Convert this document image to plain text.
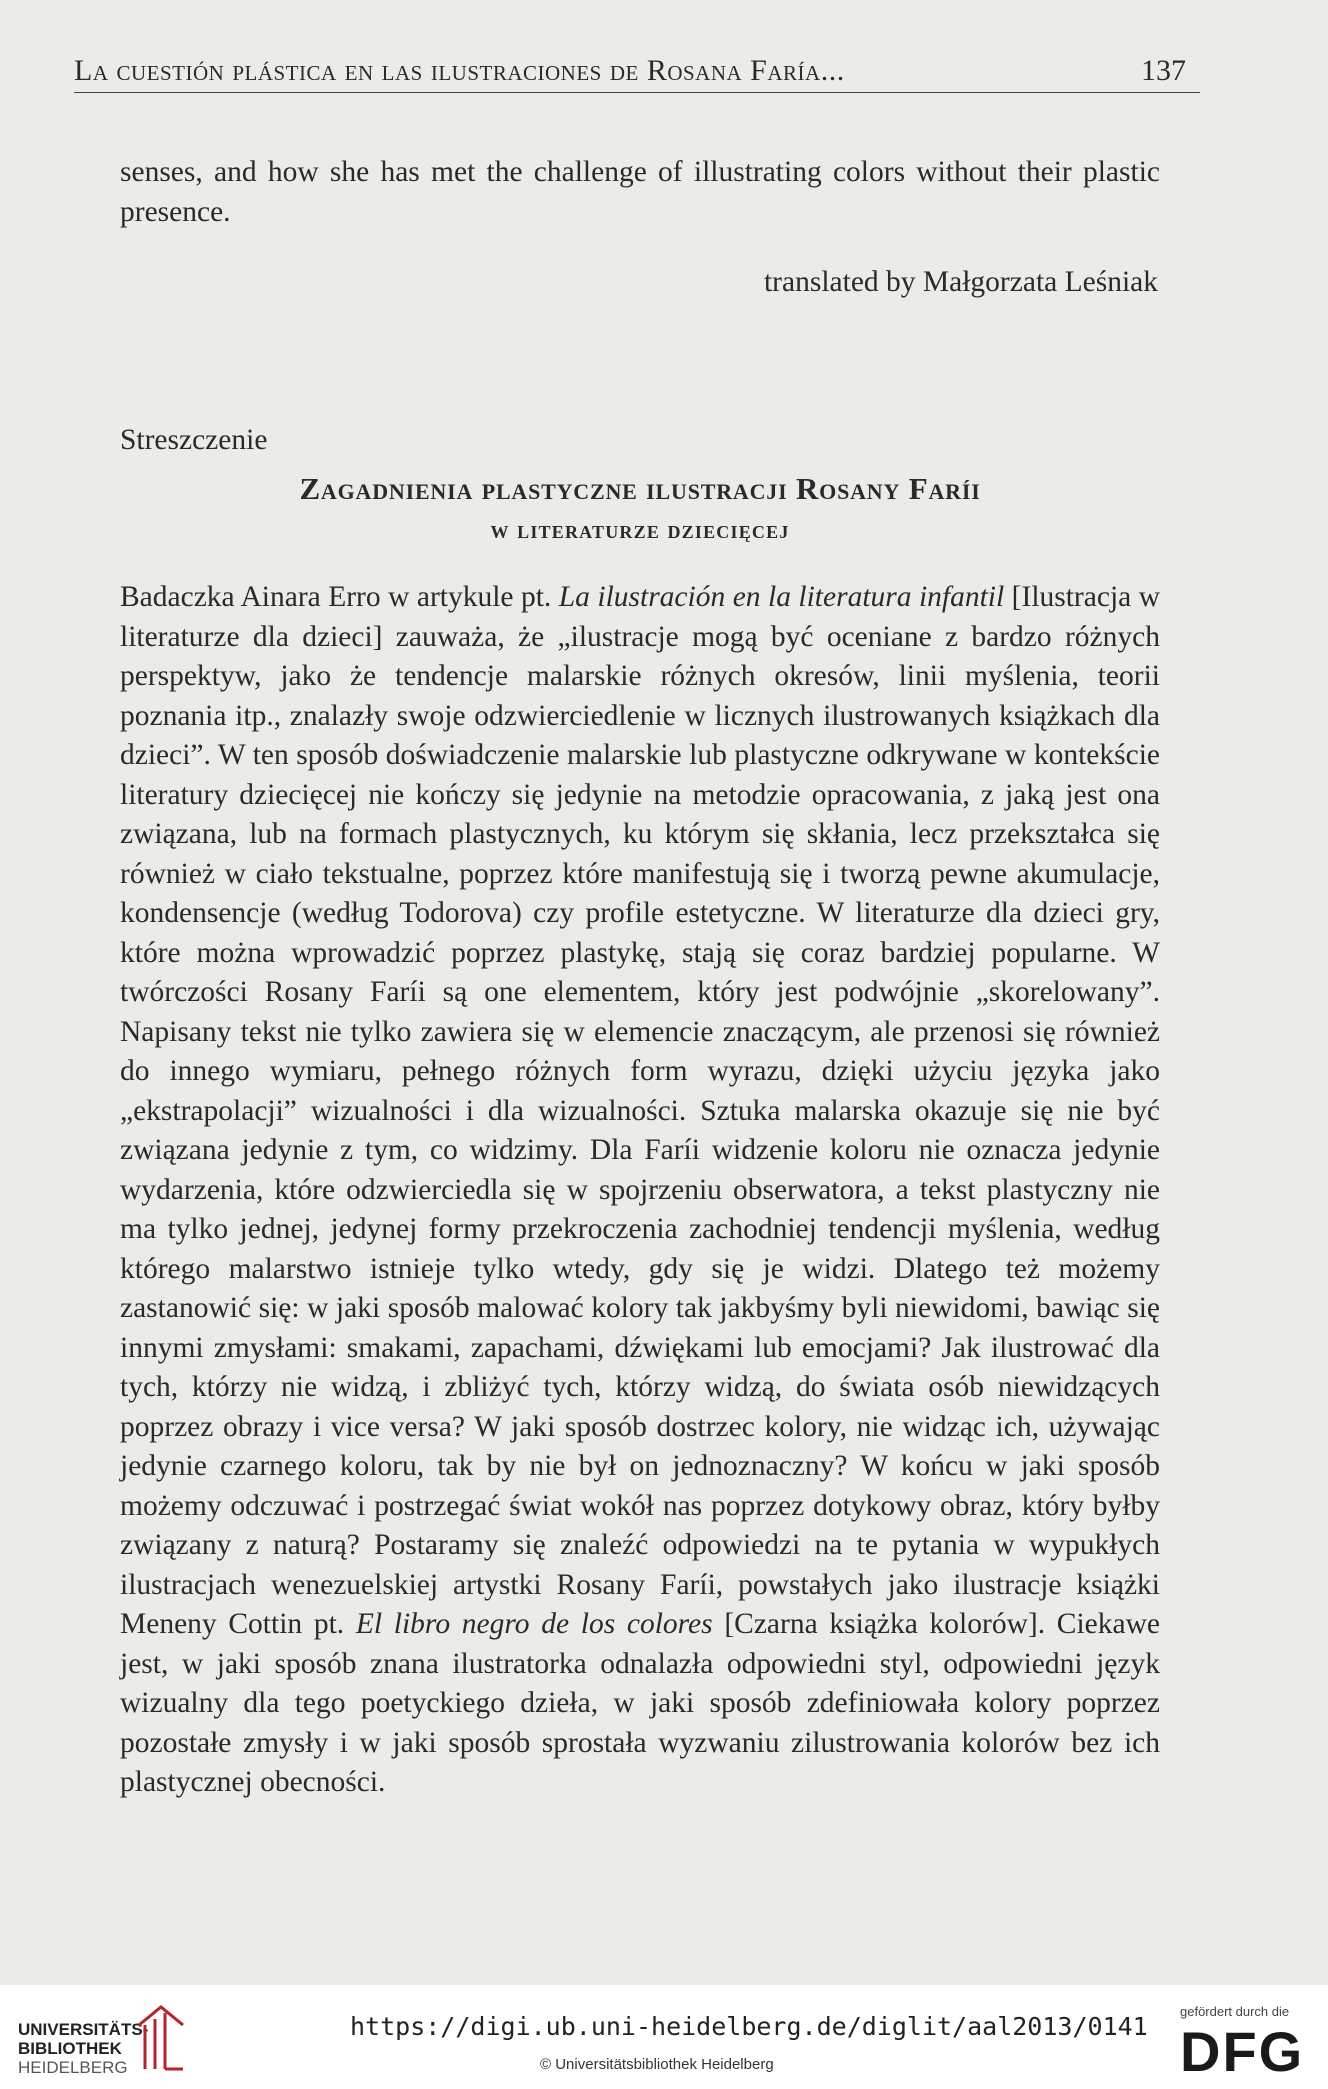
La cuestión plástica en las ilustraciones de Rosana Faría...	137

senses, and how she has met the challenge of illustrating colors without their plastic presence.

translated by Małgorzata Leśniak
Streszczenie
Zagadnienia plastyczne ilustracji Rosany Faríi
w literaturze dziecięcej

Badaczka Ainara Erro w artykule pt. La ilustración en la literatura infantil [Ilustracja w literaturze dla dzieci] zauważa, że „ilustracje mogą być oceniane z bardzo różnych perspektyw, jako że tendencje malarskie różnych okresów, linii myślenia, teorii poznania itp., znalazły swoje odzwierciedlenie w licznych ilustrowanych książkach dla dzieci”. W ten sposób doświadczenie malarskie lub plastyczne odkrywane w kontekście literatury dziecięcej nie kończy się jedynie na metodzie opracowania, z jaką jest ona związana, lub na formach plastycznych, ku którym się skłania, lecz przekształca się również w ciało tekstualne, poprzez które manifestują się i tworzą pewne akumulacje, kondensencje (według Todorova) czy profile estetyczne. W literaturze dla dzieci gry, które można wprowadzić poprzez plastykę, stają się coraz bardziej popularne. W twórczości Rosany Faríi są one elementem, który jest podwójnie „skorelowany”. Napisany tekst nie tylko zawiera się w elemencie znaczącym, ale przenosi się również do innego wymiaru, pełnego różnych form wyrazu, dzięki użyciu języka jako „ekstrapolacji” wizualności i dla wizualności. Sztuka malarska okazuje się nie być związana jedynie z tym, co widzimy. Dla Faríi widzenie koloru nie oznacza jedynie wydarzenia, które odzwierciedla się w spojrzeniu obserwatora, a tekst plastyczny nie ma tylko jednej, jedynej formy przekroczenia zachodniej tendencji myślenia, według którego malarstwo istnieje tylko wtedy, gdy się je widzi. Dlatego też możemy zastanowić się: w jaki sposób malować kolory tak jakbyśmy byli niewidomi, bawiąc się innymi zmysłami: smakami, zapachami, dźwiękami lub emocjami? Jak ilustrować dla tych, którzy nie widzą, i zbliżyć tych, którzy widzą, do świata osób niewidzących poprzez obrazy i vice versa? W jaki sposób dostrzec kolory, nie widząc ich, używając jedynie czarnego koloru, tak by nie był on jednoznaczny? W końcu w jaki sposób możemy odczuwać i postrzegać świat wokół nas poprzez dotykowy obraz, który byłby związany z naturą? Postaramy się znaleźć odpowiedzi na te pytania w wypukłych ilustracjach wenezuelskiej artystki Rosany Faríi, powstałych jako ilustracje książki Meneny Cottin pt. El libro negro de los colores [Czarna książka kolorów]. Ciekawe jest, w jaki sposób znana ilustratorka odnalazła odpowiedni styl, odpowiedni język wizualny dla tego poetyckiego dzieła, w jaki sposób zdefiniowała kolory poprzez pozostałe zmysły i w jaki sposób sprostała wyzwaniu zilustrowania kolorów bez ich plastycznej obecności.

UNIVERSITÄTS-
BIBLIOTHEK
HEIDELBERG
https://digi.ub.uni-heidelberg.de/diglit/aal2013/0141
© Universitätsbibliothek Heidelberg
gefördert durch die
DFG
